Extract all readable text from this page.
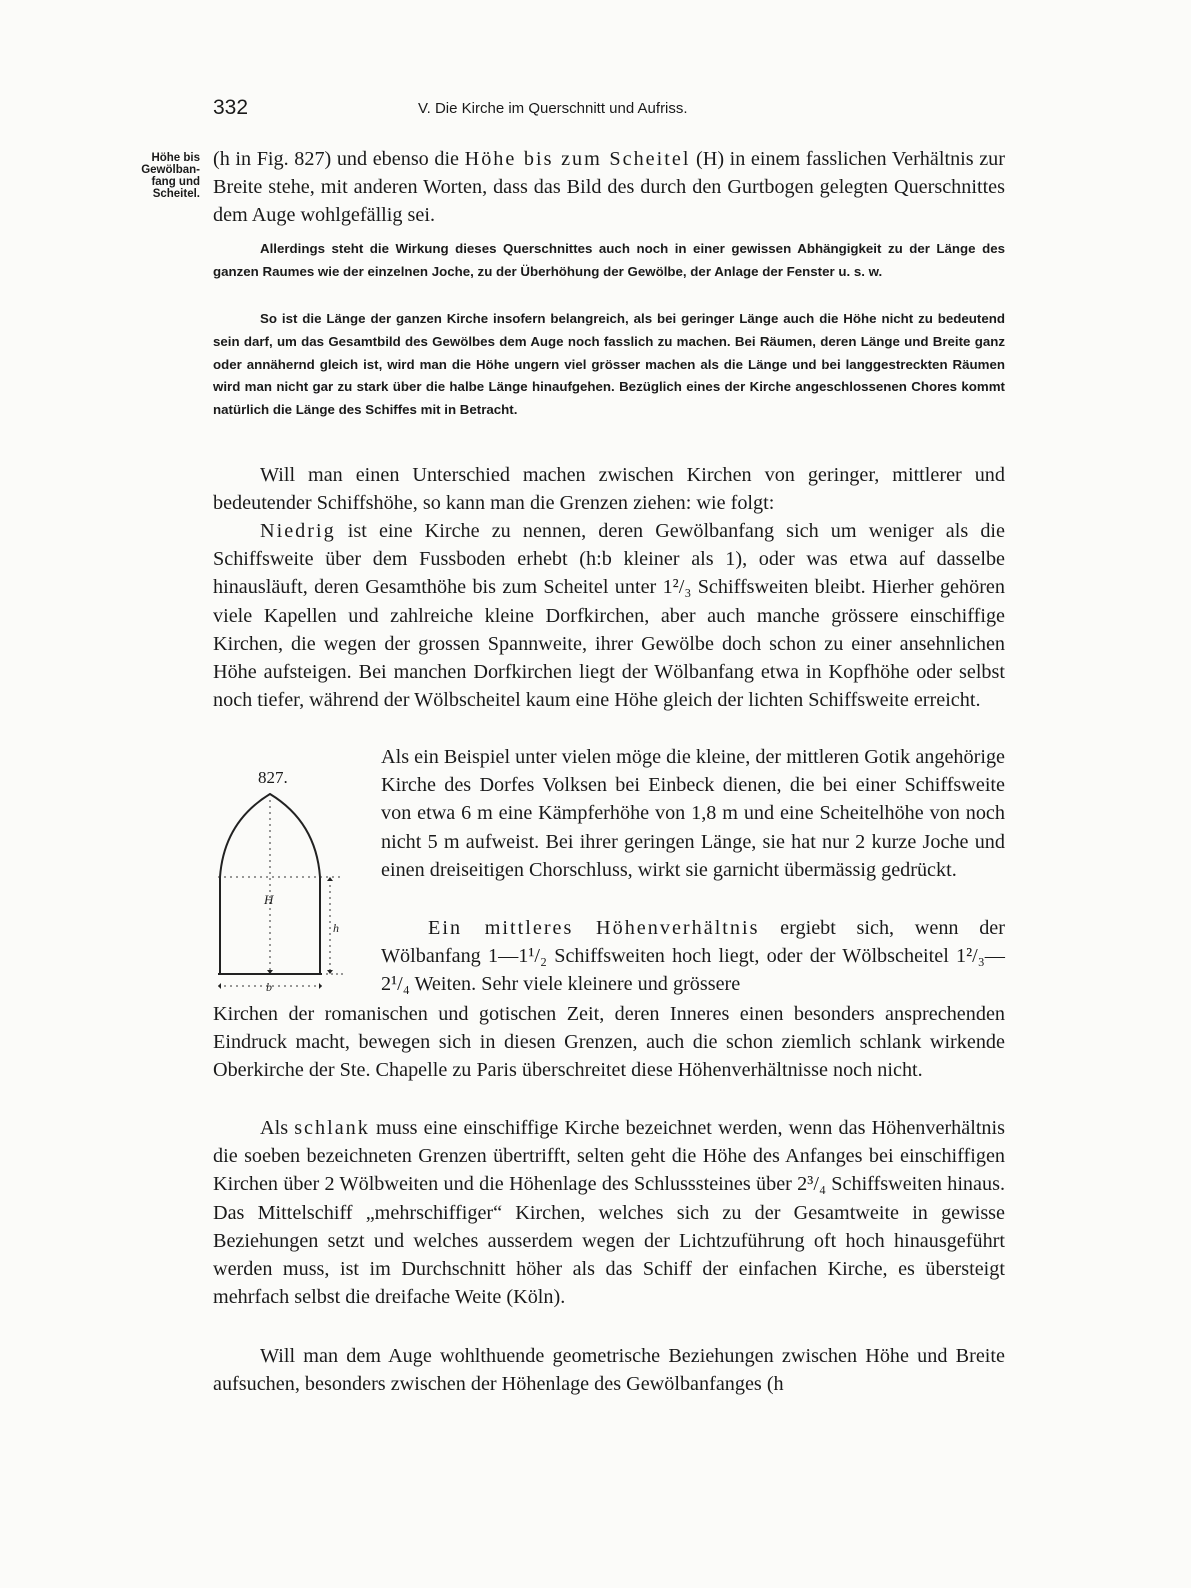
332	V. Die Kirche im Querschnitt und Aufriss.
Höhe bis
Gewölban-
fang und
Scheitel.

(h in Fig. 827) und ebenso die Höhe bis zum Scheitel (H) in einem fasslichen Verhältnis zur Breite stehe, mit anderen Worten, dass das Bild des durch den Gurtbogen gelegten Querschnittes dem Auge wohlgefällig sei.

Allerdings steht die Wirkung dieses Querschnittes auch noch in einer gewissen Abhängigkeit zu der Länge des ganzen Raumes wie der einzelnen Joche, zu der Überhöhung der Gewölbe, der Anlage der Fenster u. s. w.

So ist die Länge der ganzen Kirche insofern belangreich, als bei geringer Länge auch die Höhe nicht zu bedeutend sein darf, um das Gesamtbild des Gewölbes dem Auge noch fasslich zu machen. Bei Räumen, deren Länge und Breite ganz oder annähernd gleich ist, wird man die Höhe ungern viel grösser machen als die Länge und bei langgestreckten Räumen wird man nicht gar zu stark über die halbe Länge hinaufgehen. Bezüglich eines der Kirche angeschlossenen Chores kommt natürlich die Länge des Schiffes mit in Betracht.

Will man einen Unterschied machen zwischen Kirchen von geringer, mittlerer und bedeutender Schiffshöhe, so kann man die Grenzen ziehen: wie folgt:

Niedrig ist eine Kirche zu nennen, deren Gewölbanfang sich um weniger als die Schiffsweite über dem Fussboden erhebt (h:b kleiner als 1), oder was etwa auf dasselbe hinausläuft, deren Gesamthöhe bis zum Scheitel unter 1²/₃ Schiffsweiten bleibt. Hierher gehören viele Kapellen und zahlreiche kleine Dorfkirchen, aber auch manche grössere einschiffige Kirchen, die wegen der grossen Spannweite, ihrer Gewölbe doch schon zu einer ansehnlichen Höhe aufsteigen. Bei manchen Dorfkirchen liegt der Wölbanfang etwa in Kopfhöhe oder selbst noch tiefer, während der Wölbscheitel kaum eine Höhe gleich der lichten Schiffsweite erreicht.

Als ein Beispiel unter vielen möge die kleine, der mittleren Gotik angehörige Kirche des Dorfes Volksen bei Einbeck dienen, die bei einer Schiffsweite von etwa 6 m eine Kämpferhöhe von 1,8 m und eine Scheitelhöhe von noch nicht 5 m aufweist. Bei ihrer geringen Länge, sie hat nur 2 kurze Joche und einen dreiseitigen Chorschluss, wirkt sie garnicht übermässig gedrückt.

Ein mittleres Höhenverhältnis ergiebt sich, wenn der Wölbanfang 1—1¹/₂ Schiffsweiten hoch liegt, oder der Wölbscheitel 1²/₃—2¹/₄ Weiten. Sehr viele kleinere und grössere

Kirchen der romanischen und gotischen Zeit, deren Inneres einen besonders ansprechenden Eindruck macht, bewegen sich in diesen Grenzen, auch die schon ziemlich schlank wirkende Oberkirche der Ste. Chapelle zu Paris überschreitet diese Höhenverhältnisse noch nicht.

Als schlank muss eine einschiffige Kirche bezeichnet werden, wenn das Höhenverhältnis die soeben bezeichneten Grenzen übertrifft, selten geht die Höhe des Anfanges bei einschiffigen Kirchen über 2 Wölbweiten und die Höhenlage des Schlusssteines über 2³/₄ Schiffsweiten hinaus. Das Mittelschiff „mehrschiffiger“ Kirchen, welches sich zu der Gesamtweite in gewisse Beziehungen setzt und welches ausserdem wegen der Lichtzuführung oft hoch hinausgeführt werden muss, ist im Durchschnitt höher als das Schiff der einfachen Kirche, es übersteigt mehrfach selbst die dreifache Weite (Köln).

Will man dem Auge wohlthuende geometrische Beziehungen zwischen Höhe und Breite aufsuchen, besonders zwischen der Höhenlage des Gewölbanfanges (h

827.
H
h
b
